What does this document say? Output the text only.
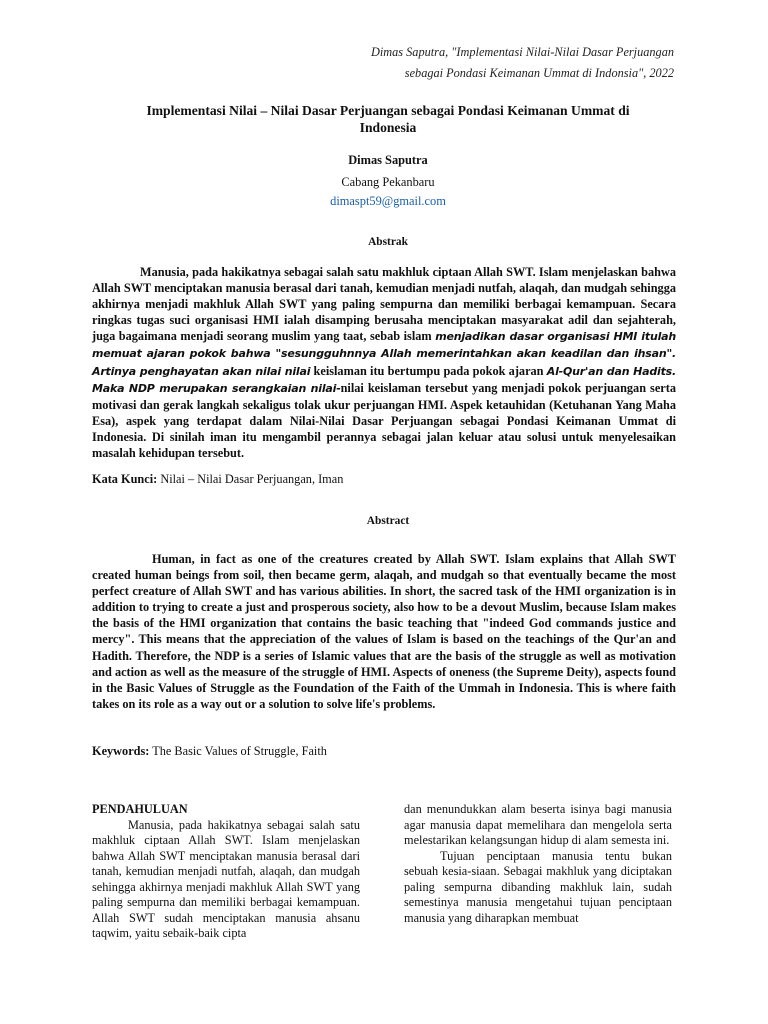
Dimas Saputra, "Implementasi Nilai-Nilai Dasar Perjuangan
sebagai Pondasi Keimanan Ummat di Indonsia", 2022
Implementasi Nilai – Nilai Dasar Perjuangan sebagai Pondasi Keimanan Ummat di
Indonesia
Dimas Saputra
Cabang Pekanbaru
dimaspt59@gmail.com
Abstrak
Manusia, pada hakikatnya sebagai salah satu makhluk ciptaan Allah SWT. Islam menjelaskan bahwa Allah SWT menciptakan manusia berasal dari tanah, kemudian menjadi nutfah, alaqah, dan mudgah sehingga akhirnya menjadi makhluk Allah SWT yang paling sempurna dan memiliki berbagai kemampuan. Secara ringkas tugas suci organisasi HMI ialah disamping berusaha menciptakan masyarakat adil dan sejahterah, juga bagaimana menjadi seorang muslim yang taat, sebab islam menjadikan dasar organisasi HMI itulah memuat ajaran pokok bahwa "sesungguhnnya Allah memerintahkan akan keadilan dan ihsan". Artinya penghayatan akan nilai nilai keislaman itu bertumpu pada pokok ajaran Al-Qur'an dan Hadits. Maka NDP merupakan serangkaian nilai-nilai keislaman tersebut yang menjadi pokok perjuangan serta motivasi dan gerak langkah sekaligus tolak ukur perjuangan HMI. Aspek ketauhidan (Ketuhanan Yang Maha Esa), aspek yang terdapat dalam Nilai-Nilai Dasar Perjuangan sebagai Pondasi Keimanan Ummat di Indonesia. Di sinilah iman itu mengambil perannya sebagai jalan keluar atau solusi untuk menyelesaikan masalah kehidupan tersebut.
Kata Kunci: Nilai – Nilai Dasar Perjuangan, Iman
Abstract
Human, in fact as one of the creatures created by Allah SWT. Islam explains that Allah SWT created human beings from soil, then became germ, alaqah, and mudgah so that eventually became the most perfect creature of Allah SWT and has various abilities. In short, the sacred task of the HMI organization is in addition to trying to create a just and prosperous society, also how to be a devout Muslim, because Islam makes the basis of the HMI organization that contains the basic teaching that "indeed God commands justice and mercy". This means that the appreciation of the values of Islam is based on the teachings of the Qur'an and Hadith. Therefore, the NDP is a series of Islamic values that are the basis of the struggle as well as motivation and action as well as the measure of the struggle of HMI. Aspects of oneness (the Supreme Deity), aspects found in the Basic Values of Struggle as the Foundation of the Faith of the Ummah in Indonesia. This is where faith takes on its role as a way out or a solution to solve life's problems.
Keywords: The Basic Values of Struggle, Faith
PENDAHULUAN
Manusia, pada hakikatnya sebagai salah satu makhluk ciptaan Allah SWT. Islam menjelaskan bahwa Allah SWT menciptakan manusia berasal dari tanah, kemudian menjadi nutfah, alaqah, dan mudgah sehingga akhirnya menjadi makhluk Allah SWT yang paling sempurna dan memiliki berbagai kemampuan. Allah SWT sudah menciptakan manusia ahsanu taqwim, yaitu sebaik-baik cipta
dan menundukkan alam beserta isinya bagi manusia agar manusia dapat memelihara dan mengelola serta melestarikan kelangsungan hidup di alam semesta ini.
Tujuan penciptaan manusia tentu bukan sebuah kesia-siaan. Sebagai makhluk yang diciptakan paling sempurna dibanding makhluk lain, sudah semestinya manusia mengetahui tujuan penciptaan manusia yang diharapkan membuat
